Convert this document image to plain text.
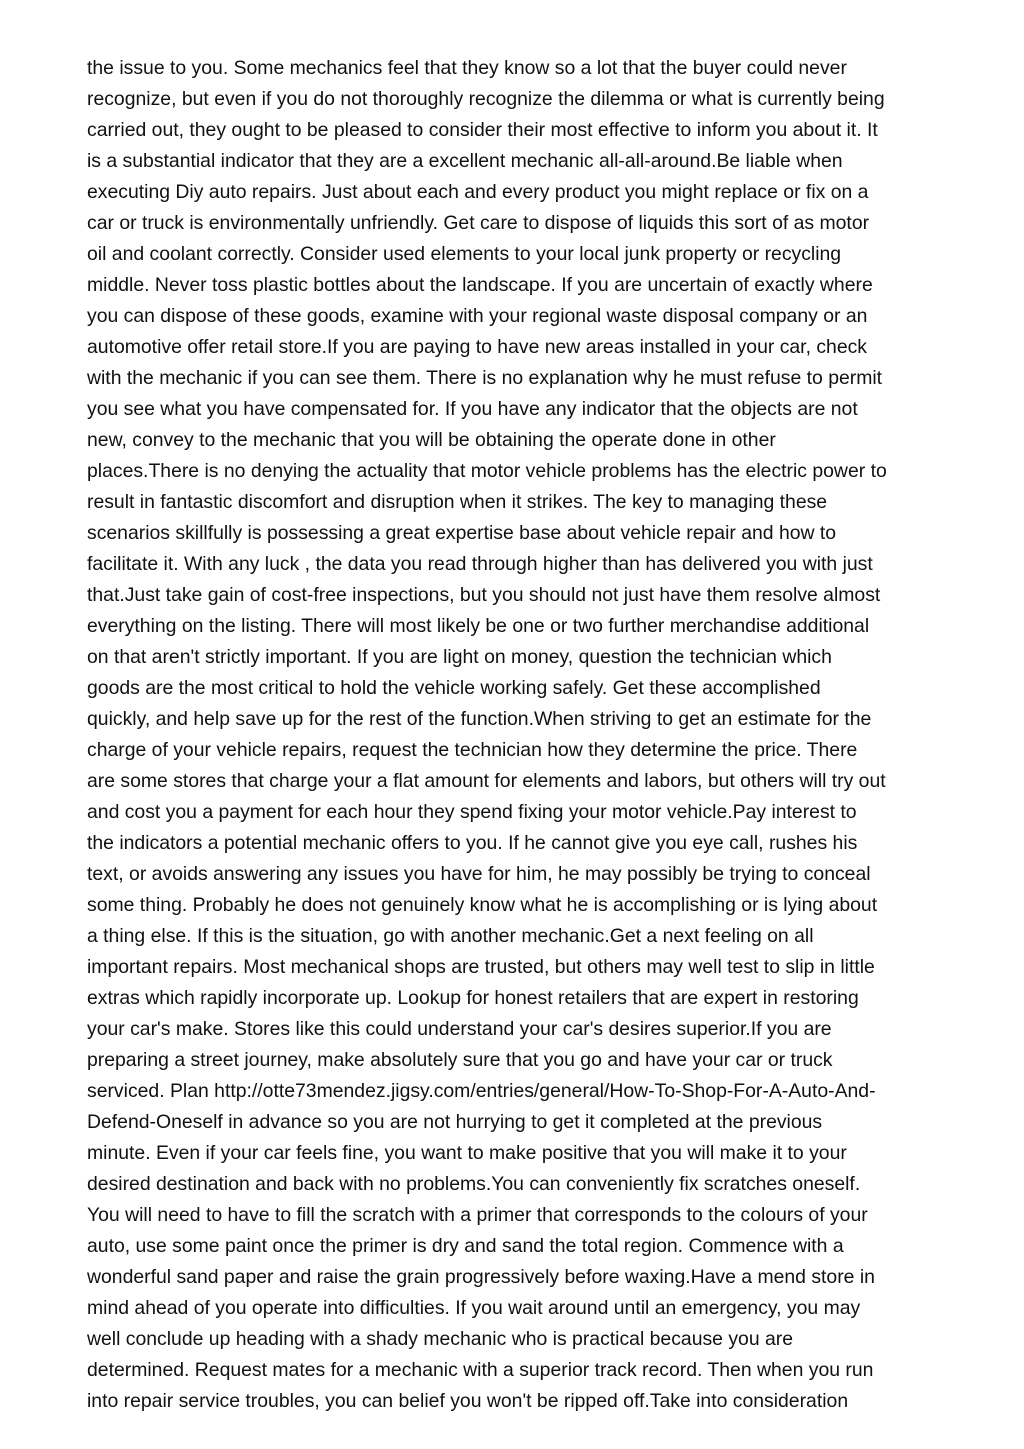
the issue to you. Some mechanics feel that they know so a lot that the buyer could never
recognize, but even if you do not thoroughly recognize the dilemma or what is currently being
carried out, they ought to be pleased to consider their most effective to inform you about it. It
is a substantial indicator that they are a excellent mechanic all-all-around.Be liable when
executing Diy auto repairs. Just about each and every product you might replace or fix on a
car or truck is environmentally unfriendly. Get care to dispose of liquids this sort of as motor
oil and coolant correctly. Consider used elements to your local junk property or recycling
middle. Never toss plastic bottles about the landscape. If you are uncertain of exactly where
you can dispose of these goods, examine with your regional waste disposal company or an
automotive offer retail store.If you are paying to have new areas installed in your car, check
with the mechanic if you can see them. There is no explanation why he must refuse to permit
you see what you have compensated for. If you have any indicator that the objects are not
new, convey to the mechanic that you will be obtaining the operate done in other
places.There is no denying the actuality that motor vehicle problems has the electric power to
result in fantastic discomfort and disruption when it strikes. The key to managing these
scenarios skillfully is possessing a great expertise base about vehicle repair and how to
facilitate it. With any luck , the data you read through higher than has delivered you with just
that.Just take gain of cost-free inspections, but you should not just have them resolve almost
everything on the listing. There will most likely be one or two further merchandise additional
on that aren't strictly important. If you are light on money, question the technician which
goods are the most critical to hold the vehicle working safely. Get these accomplished
quickly, and help save up for the rest of the function.When striving to get an estimate for the
charge of your vehicle repairs, request the technician how they determine the price. There
are some stores that charge your a flat amount for elements and labors, but others will try out
and cost you a payment for each hour they spend fixing your motor vehicle.Pay interest to
the indicators a potential mechanic offers to you. If he cannot give you eye call, rushes his
text, or avoids answering any issues you have for him, he may possibly be trying to conceal
some thing. Probably he does not genuinely know what he is accomplishing or is lying about
a thing else. If this is the situation, go with another mechanic.Get a next feeling on all
important repairs. Most mechanical shops are trusted, but others may well test to slip in little
extras which rapidly incorporate up. Lookup for honest retailers that are expert in restoring
your car's make. Stores like this could understand your car's desires superior.If you are
preparing a street journey, make absolutely sure that you go and have your car or truck
serviced. Plan http://otte73mendez.jigsy.com/entries/general/How-To-Shop-For-A-Auto-And-
Defend-Oneself in advance so you are not hurrying to get it completed at the previous
minute. Even if your car feels fine, you want to make positive that you will make it to your
desired destination and back with no problems.You can conveniently fix scratches oneself.
You will need to have to fill the scratch with a primer that corresponds to the colours of your
auto, use some paint once the primer is dry and sand the total region. Commence with a
wonderful sand paper and raise the grain progressively before waxing.Have a mend store in
mind ahead of you operate into difficulties. If you wait around until an emergency, you may
well conclude up heading with a shady mechanic who is practical because you are
determined. Request mates for a mechanic with a superior track record. Then when you run
into repair service troubles, you can belief you won't be ripped off.Take into consideration
